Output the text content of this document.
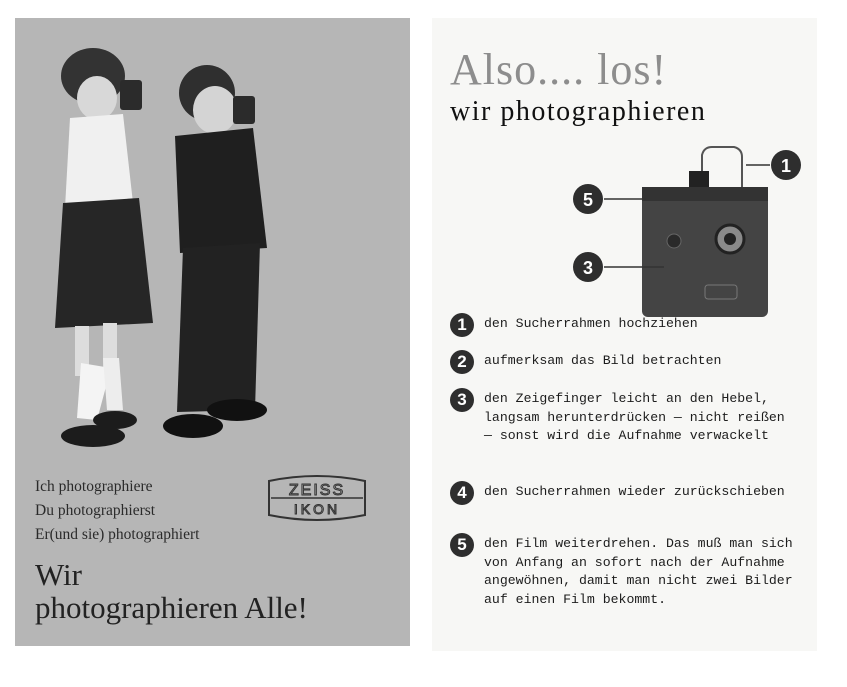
Ich photographiere
Du photographierst
Er(und sie) photographiert
ZEISS
IKON
Wir
photographieren Alle!
Also.... los!
wir photographieren
1
5
3
1	den Sucherrahmen hochziehen
2	aufmerksam das Bild betrachten
3	den Zeigefinger leicht an den Hebel, langsam herunterdrücken — nicht reißen — sonst wird die Aufnahme verwackelt
4	den Sucherrahmen wieder zurückschieben
5	den Film weiterdrehen. Das muß man sich von Anfang an sofort nach der Aufnahme angewöhnen, damit man nicht zwei Bilder auf einen Film bekommt.
